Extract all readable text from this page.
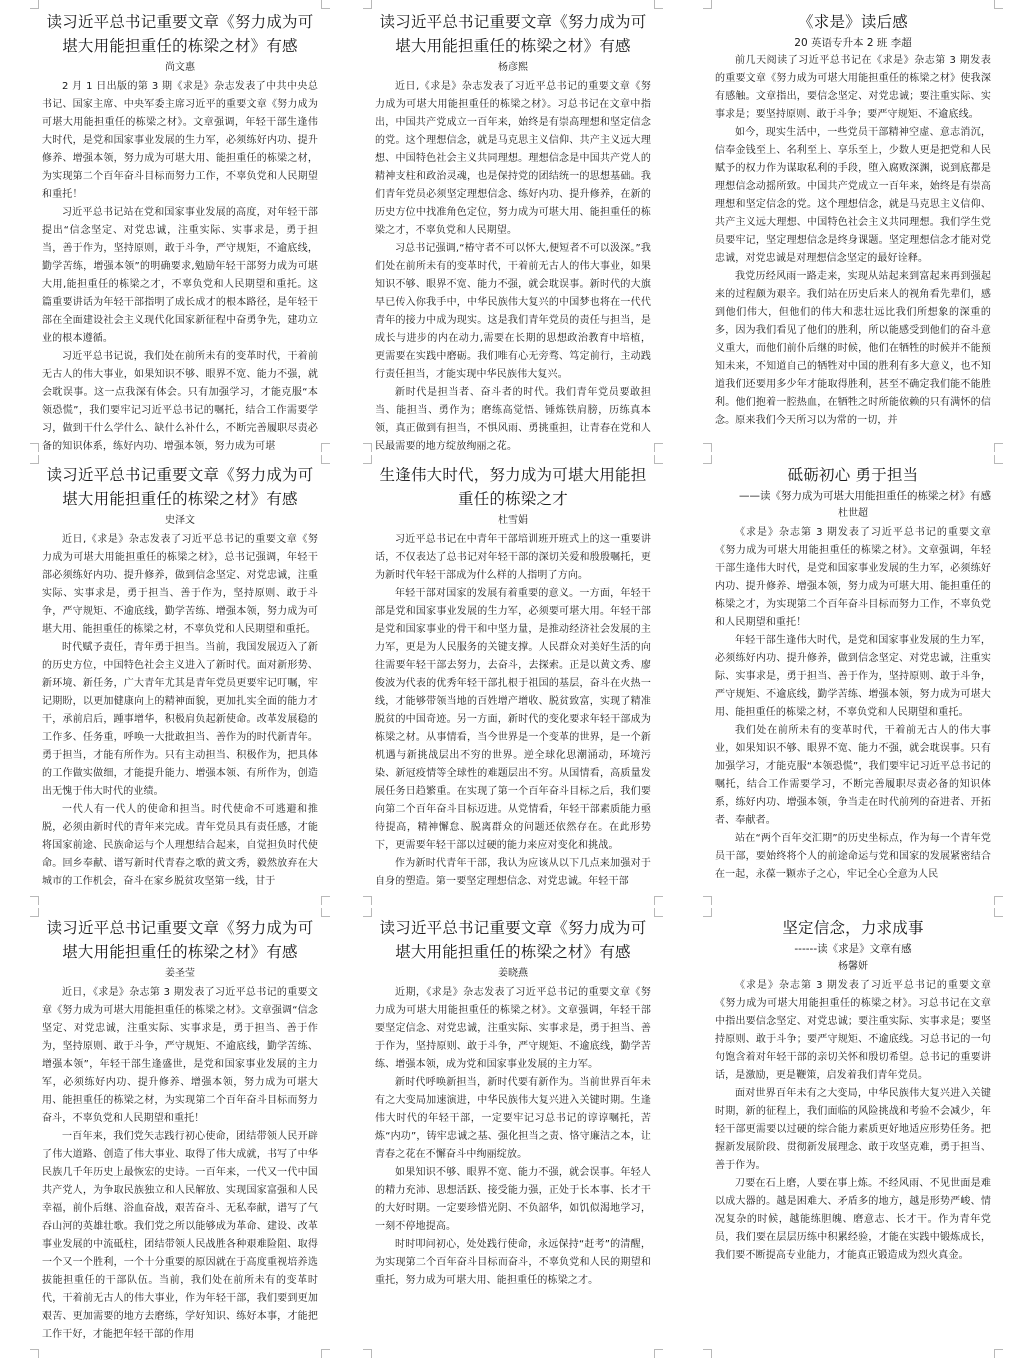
读习近平总书记重要文章《努力成为可堪大用能担重任的栋梁之材》有感
尚文惠

2 月 1 日出版的第 3 期《求是》杂志发表了中共中央总书记、国家主席、中央军委主席习近平的重要文章《努力成为可堪大用能担重任的栋梁之材》。文章强调，年轻干部生逢伟大时代，是党和国家事业发展的生力军，必须练好内功、提升修养、增强本领，努力成为可堪大用、能担重任的栋梁之材，为实现第二个百年奋斗目标而努力工作，不辜负党和人民期望和重托！

习近平总书记站在党和国家事业发展的高度，对年轻干部提出“信念坚定、对党忠诚，注重实际、实事求是，勇于担当，善于作为，坚持原则，敢于斗争，严守规矩，不逾底线，勤学苦练，增强本领”的明确要求,勉励年轻干部努力成为可堪大用,能担重任的栋梁之才，不辜负党和人民期望和重托。这篇重要讲话为年轻干部指明了成长成才的根本路径，是年轻干部在全面建设社会主义现代化国家新征程中奋勇争先，建功立业的根本遵循。

习近平总书记说，我们处在前所未有的变革时代，干着前无古人的伟大事业，如果知识不够、眼界不宽、能力不强，就会耽误事。这一点我深有体会。只有加强学习，才能克服“本领恐慌”，我们要牢记习近平总书记的嘱托，结合工作需要学习，做到干什么学什么、缺什么补什么，不断完善履职尽责必备的知识体系，练好内功、增强本领，努力成为可堪

读习近平总书记重要文章《努力成为可堪大用能担重任的栋梁之材》有感
杨彦熙

近日,《求是》杂志发表了习近平总书记的重要文章《努力成为可堪大用能担重任的栋梁之材》。习总书记在文章中指出，中国共产党成立一百年来，始终是有崇高理想和坚定信念的党。这个理想信念，就是马克思主义信仰、共产主义远大理想、中国特色社会主义共同理想。理想信念是中国共产党人的精神支柱和政治灵魂，也是保持党的团结统一的思想基础。我们青年党员必须坚定理想信念、练好内功、提升修养，在新的历史方位中找准角色定位，努力成为可堪大用、能担重任的栋梁之才，不辜负党和人民期望。

习总书记强调,“椿守者不可以怀大,便短者不可以汲深。”我们处在前所未有的变革时代，干着前无古人的伟大事业，如果知识不够、眼界不宽、能力不强，就会耽误事。新时代的大旗早已传入你我手中，中华民族伟大复兴的中国梦也将在一代代青年的接力中成为现实。这是我们青年党员的责任与担当，是成长与进步的内在动力,需要在长期的思想政治教育中培植，更需要在实践中磨砺。我们唯有心无旁骛、笃定前行，主动践行责任担当，才能实现中华民族伟大复兴。

新时代是担当者、奋斗者的时代。我们青年党员要敢担当、能担当、勇作为；磨练高觉悟、锤炼铁肩膀，历练真本领，真正做到有担当，不惧风雨、勇挑重担，让青春在党和人民最需要的地方绽放绚丽之花。

《求是》读后感
20 英语专升本 2 班 李超

前几天阅读了习近平总书记在《求是》杂志第 3 期发表的重要文章《努力成为可堪大用能担重任的栋梁之材》使我深有感触。文章指出，要信念坚定、对党忠诚；要注重实际、实事求是；要坚持原则、敢于斗争；要严守规矩、不逾底线。

如今，现实生活中，一些党员干部精神空虚、意志消沉，信奉金钱至上、名利至上、享乐至上，少数人更是把党和人民赋予的权力作为谋取私利的手段，堕入腐败深渊，说到底都是理想信念动摇所致。中国共产党成立一百年来，始终是有崇高理想和坚定信念的党。这个理想信念，就是马克思主义信仰、共产主义远大理想、中国特色社会主义共同理想。我们学生党员要牢记，坚定理想信念是终身课题。坚定理想信念才能对党忠诚，对党忠诚是对理想信念坚定的最好诠释。

我党历经风雨一路走来，实现从站起来到富起来再到强起来的过程颇为艰辛。我们站在历史后来人的视角看先辈们，感到他们伟大，但他们的伟大和悲壮远比我们所想象的深重的多，因为我们看见了他们的胜利，所以能感受到他们的奋斗意义重大，而他们前仆后继的时候，他们在牺牲的时候并不能预知未来，不知道自己的牺牲对中国的胜利有多大意义，也不知道我们还要用多少年才能取得胜利，甚至不确定我们能不能胜利。他们抱着一腔热血，在牺牲之时所能依赖的只有满怀的信念。原来我们今天所习以为常的一切，并

读习近平总书记重要文章《努力成为可堪大用能担重任的栋梁之材》有感
史泽文

近日,《求是》杂志发表了习近平总书记的重要文章《努力成为可堪大用能担重任的栋梁之材》，总书记强调，年轻干部必须练好内功、提升修养，做到信念坚定、对党忠诚，注重实际、实事求是，勇于担当、善于作为，坚持原则、敢于斗争，严守规矩、不逾底线，勤学苦练、增强本领，努力成为可堪大用、能担重任的栋梁之材，不辜负党和人民期望和重托。

时代赋予责任，青年勇于担当。当前，我国发展迈入了新的历史方位，中国特色社会主义进入了新时代。面对新形势、新环境、新任务，广大青年尤其是青年党员更要牢记叮嘱，牢记期盼，以更加健康向上的精神面貌，更加扎实全面的能力才干，承前启后，踵事增华，积极肩负起新使命。改革发展稳的工作多、任务重，呼唤一大批敢担当、善作为的时代新青年。勇于担当，才能有所作为。只有主动担当、积极作为，把具体的工作做实做细，才能提升能力、增强本领、有所作为，创造出无愧于伟大时代的业绩。

一代人有一代人的使命和担当。时代使命不可逃避和推脱，必须由新时代的青年来完成。青年党员具有责任感，才能将国家前途、民族命运与个人理想结合起来，自觉担负时代使命。回乡奉献、谱写新时代青春之歌的黄文秀，毅然放弃在大城市的工作机会，奋斗在家乡脱贫攻坚第一线，甘于

生逢伟大时代，努力成为可堪大用能担重任的栋梁之才
杜雪娟

习近平总书记在中青年干部培训班开班式上的这一重要讲话，不仅表达了总书记对年轻干部的深切关爱和殷殷嘱托，更为新时代年轻干部成为什么样的人指明了方向。

年轻干部对国家的发展有着重要的意义。一方面，年轻干部是党和国家事业发展的生力军，必须要可堪大用。年轻干部是党和国家事业的骨干和中坚力量，是推动经济社会发展的主力军，更是为人民服务的关键支撑。人民群众对美好生活的向往需要年轻干部去努力，去奋斗，去探索。正是以黄文秀、廖俊波为代表的优秀年轻干部扎根于祖国的基层，奋斗在火热一线，才能够带领当地的百姓增产增收、脱贫致富，实现了精准脱贫的中国奇迹。另一方面，新时代的变化要求年轻干部成为栋梁之材。从事情看，当今世界是一个变革的世界，是一个新机遇与新挑战层出不穷的世界。逆全球化思潮涌动，环境污染、新冠疫情等全球性的难题层出不穷。从国情看，高质量发展任务日趋繁重。在实现了第一个百年奋斗目标之后，我们要向第二个百年奋斗目标迈进。从党情看，年轻干部素质能力亟待提高，精神懈怠、脱离群众的问题还依然存在。在此形势下，更需要年轻干部以过硬的能力来应对变化和挑战。

作为新时代青年干部，我认为应该从以下几点来加强对于自身的塑造。第一要坚定理想信念、对党忠诚。年轻干部

砥砺初心 勇于担当
——读《努力成为可堪大用能担重任的栋梁之材》有感
杜世超

《求是》杂志第 3 期发表了习近平总书记的重要文章《努力成为可堪大用能担重任的栋梁之材》。文章强调，年轻干部生逢伟大时代，是党和国家事业发展的生力军，必须练好内功、提升修养、增强本领，努力成为可堪大用、能担重任的栋梁之才，为实现第二个百年奋斗目标而努力工作，不辜负党和人民期望和重托！

年轻干部生逢伟大时代，是党和国家事业发展的生力军，必须练好内功、提升修养，做到信念坚定、对党忠诚，注重实际、实事求是，勇于担当、善于作为，坚持原则、敢于斗争，严守规矩、不逾底线，勤学苦练、增强本领，努力成为可堪大用、能担重任的栋梁之材，不辜负党和人民期望和重托。

我们处在前所未有的变革时代，干着前无古人的伟大事业，如果知识不够、眼界不宽、能力不强，就会耽误事。只有加强学习，才能克服“本领恐慌”，我们要牢记习近平总书记的嘱托，结合工作需要学习，不断完善履职尽责必备的知识体系，练好内功、增强本领，争当走在时代前列的奋进者、开拓者、奉献者。

站在“两个百年交汇期”的历史坐标点，作为每一个青年党员干部，要始终将个人的前途命运与党和国家的发展紧密结合在一起，永葆一颗赤子之心，牢记全心全意为人民

读习近平总书记重要文章《努力成为可堪大用能担重任的栋梁之材》有感
姜圣莹

近日，《求是》杂志第 3 期发表了习近平总书记的重要文章《努力成为可堪大用能担重任的栋梁之材》。文章强调“信念坚定、对党忠诚，注重实际、实事求是，勇于担当、善于作为，坚持原则、敢于斗争，严守规矩、不逾底线，勤学苦练、增强本领”，年轻干部生逢盛世，是党和国家事业发展的主力军，必须练好内功、提升修养、增强本领，努力成为可堪大用、能担重任的栋梁之材，为实现第二个百年奋斗目标而努力奋斗，不辜负党和人民期望和重托！

一百年来，我们党矢志践行初心使命，团结带领人民开辟了伟大道路、创造了伟大事业、取得了伟大成就，书写了中华民族几千年历史上最恢宏的史诗。一百年来，一代又一代中国共产党人，为争取民族独立和人民解放、实现国家富强和人民幸福，前仆后继、浴血奋战，艰苦奋斗、无私奉献，谱写了气吞山河的英雄壮歌。我们党之所以能够成为革命、建设、改革事业发展的中流砥柱，团结带领人民战胜各种艰难险阻、取得一个又一个胜利，一个十分重要的原因就在于高度重视培养选拔能担重任的干部队伍。当前，我们处在前所未有的变革时代，干着前无古人的伟大事业，作为年轻干部，我们要到更加艰苦、更加需要的地方去磨练，学好知识、练好本事，才能把工作干好，才能把年轻干部的作用

读习近平总书记重要文章《努力成为可堪大用能担重任的栋梁之材》有感
姜晓燕

近期，《求是》杂志发表了习近平总书记的重要文章《努力成为可堪大用能担重任的栋梁之材》。文章强调，年轻干部要坚定信念、对党忠诚，注重实际、实事求是，勇于担当、善于作为，坚持原则、敢于斗争，严守规矩、不逾底线，勤学苦练、增强本领，成为党和国家事业发展的主力军。

新时代呼唤新担当，新时代要有新作为。当前世界百年未有之大变局加速演进，中华民族伟大复兴进入关键时期。生逢伟大时代的年轻干部，一定要牢记习总书记的谆谆嘱托，苦炼“内功”，铸牢忠诚之基、强化担当之责、恪守廉洁之本，让青春之花在不懈奋斗中绚丽绽放。

如果知识不够、眼界不宽、能力不强，就会误事。年轻人的精力充沛、思想活跃、接受能力强，正处于长本事、长才干的大好时期。一定要珍惜光阴、不负韶华，如饥似渴地学习，一刻不停地提高。

时时叩问初心，处处践行使命，永远保持“赶考”的清醒，为实现第二个百年奋斗目标而奋斗，不辜负党和人民的期望和重托，努力成为可堪大用、能担重任的栋梁之才。

坚定信念，力求成事
------读《求是》文章有感
杨馨妍

《求是》杂志第 3 期发表了习近平总书记的重要文章《努力成为可堪大用能担重任的栋梁之材》。习总书记在文章中指出要信念坚定、对党忠诚；要注重实际、实事求是；要坚持原则、敢于斗争；要严守规矩、不逾底线。习总书记的一句句饱含着对年轻干部的亲切关怀和殷切希望。总书记的重要讲话，是激励，更是鞭策，启发着我们青年党员。

面对世界百年未有之大变局，中华民族伟大复兴进入关键时期，新的征程上，我们面临的风险挑战和考验不会减少，年轻干部更需要以过硬的综合能力素质更好地适应形势任务。把握新发展阶段、贯彻新发展理念、敢于攻坚克难，勇于担当、善于作为。

刀要在石上磨，人要在事上炼。不经风雨、不见世面是难以成大器的。越是困难大、矛盾多的地方，越是形势严峻、情况复杂的时候，越能练胆魄、磨意志、长才干。作为青年党员，我们要在层层历练中积累经验，才能在实践中锻炼成长，我们要不断提高专业能力，才能真正锻造成为烈火真金。
